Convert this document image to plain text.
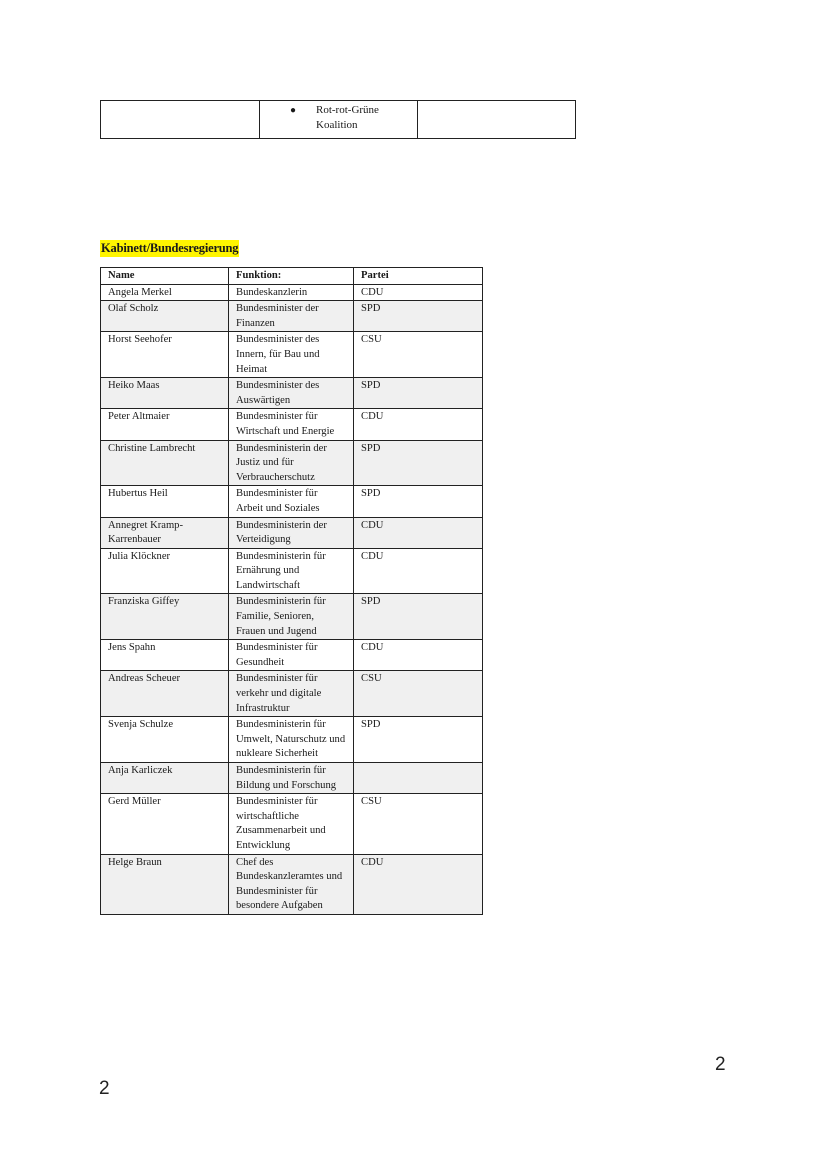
●	Rot-rot-Grüne Koalition

Kabinett/Bundesregierung
Name	Funktion:	Partei
Angela Merkel	Bundeskanzlerin	CDU
Olaf Scholz	Bundesminister der Finanzen	SPD
Horst Seehofer	Bundesminister des Innern, für Bau und Heimat	CSU
Heiko Maas	Bundesminister des Auswärtigen	SPD
Peter Altmaier	Bundesminister für Wirtschaft und Energie	CDU
Christine Lambrecht	Bundesministerin der Justiz und für Verbraucherschutz	SPD
Hubertus Heil	Bundesminister für Arbeit und Soziales	SPD
Annegret Kramp-Karrenbauer	Bundesministerin der Verteidigung	CDU
Julia Klöckner	Bundesministerin für Ernährung und Landwirtschaft	CDU
Franziska Giffey	Bundesministerin für Familie, Senioren, Frauen und Jugend	SPD
Jens Spahn	Bundesminister für Gesundheit	CDU
Andreas Scheuer	Bundesminister für verkehr und digitale Infrastruktur	CSU
Svenja Schulze	Bundesministerin für Umwelt, Naturschutz und nukleare Sicherheit	SPD
Anja Karliczek	Bundesministerin für Bildung und Forschung	
Gerd Müller	Bundesminister für wirtschaftliche Zusammenarbeit und Entwicklung	CSU
Helge Braun	Chef des Bundeskanzleramtes und Bundesminister für besondere Aufgaben	CDU
2
2
